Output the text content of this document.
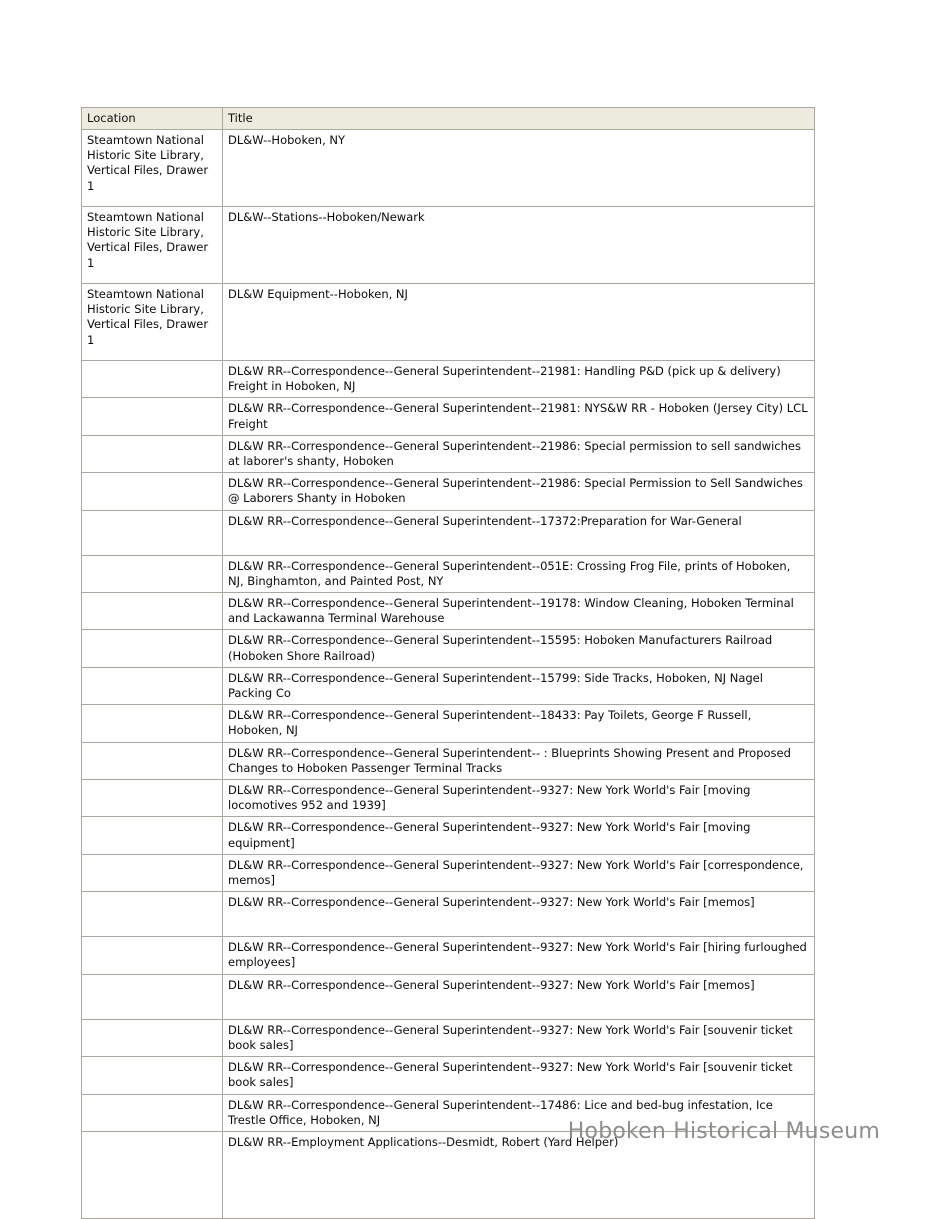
Location	Title
Steamtown National Historic Site Library, Vertical Files, Drawer 1	DL&W--Hoboken, NY
Steamtown National Historic Site Library, Vertical Files, Drawer 1	DL&W--Stations--Hoboken/Newark
Steamtown National Historic Site Library, Vertical Files, Drawer 1	DL&W Equipment--Hoboken, NJ
	DL&W RR--Correspondence--General Superintendent--21981: Handling P&D (pick up & delivery) Freight in Hoboken, NJ
	DL&W RR--Correspondence--General Superintendent--21981: NYS&W RR - Hoboken (Jersey City) LCL Freight
	DL&W RR--Correspondence--General Superintendent--21986: Special permission to sell sandwiches at laborer's shanty, Hoboken
	DL&W RR--Correspondence--General Superintendent--21986: Special Permission to Sell Sandwiches @ Laborers Shanty in Hoboken
	DL&W RR--Correspondence--General Superintendent--17372:Preparation for War-General
	DL&W RR--Correspondence--General Superintendent--051E: Crossing Frog File, prints of Hoboken, NJ, Binghamton, and Painted Post, NY
	DL&W RR--Correspondence--General Superintendent--19178: Window Cleaning, Hoboken Terminal and Lackawanna Terminal Warehouse
	DL&W RR--Correspondence--General Superintendent--15595: Hoboken Manufacturers Railroad (Hoboken Shore Railroad)
	DL&W RR--Correspondence--General Superintendent--15799: Side Tracks, Hoboken, NJ Nagel Packing Co
	DL&W RR--Correspondence--General Superintendent--18433: Pay Toilets, George F Russell, Hoboken, NJ
	DL&W RR--Correspondence--General Superintendent-- : Blueprints Showing Present and Proposed Changes to Hoboken Passenger Terminal Tracks
	DL&W RR--Correspondence--General Superintendent--9327: New York World's Fair [moving locomotives 952 and 1939]
	DL&W RR--Correspondence--General Superintendent--9327: New York World's Fair [moving equipment]
	DL&W RR--Correspondence--General Superintendent--9327: New York World's Fair [correspondence, memos]
	DL&W RR--Correspondence--General Superintendent--9327: New York World's Fair [memos]
	DL&W RR--Correspondence--General Superintendent--9327: New York World's Fair [hiring furloughed employees]
	DL&W RR--Correspondence--General Superintendent--9327: New York World's Fair [memos]
	DL&W RR--Correspondence--General Superintendent--9327: New York World's Fair [souvenir ticket book sales]
	DL&W RR--Correspondence--General Superintendent--9327: New York World's Fair [souvenir ticket book sales]
	DL&W RR--Correspondence--General Superintendent--17486: Lice and bed-bug infestation, Ice Trestle Office, Hoboken, NJ
	DL&W RR--Employment Applications--Desmidt, Robert (Yard Helper)
Hoboken Historical Museum
